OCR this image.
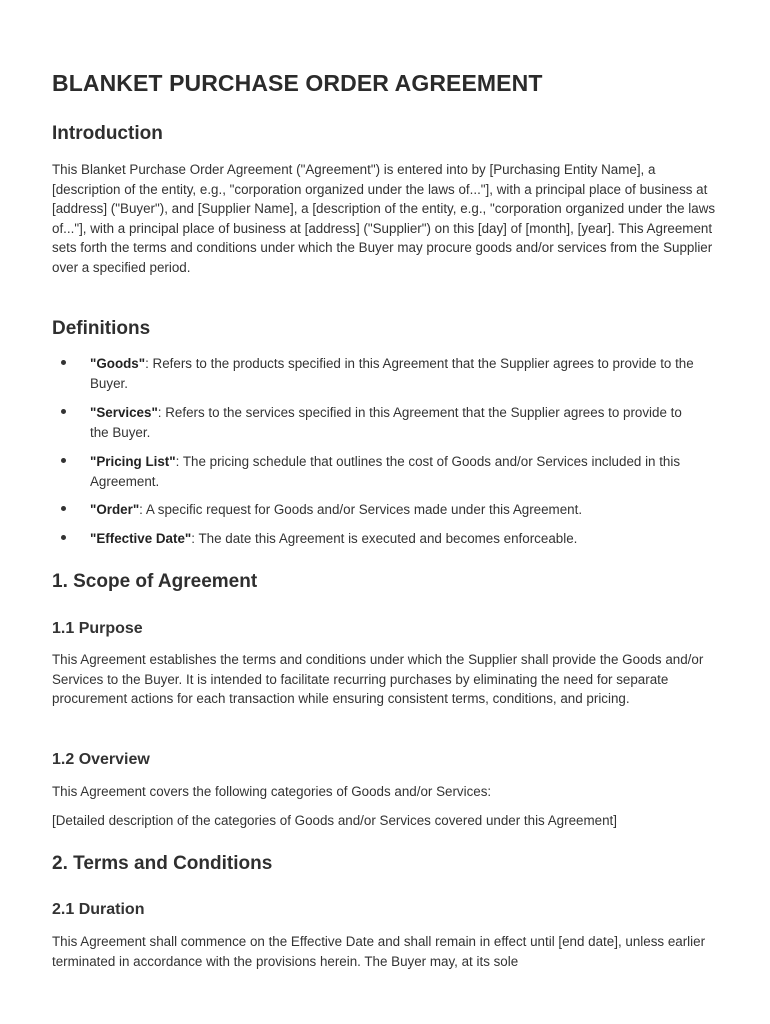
BLANKET PURCHASE ORDER AGREEMENT
Introduction

This Blanket Purchase Order Agreement ("Agreement") is entered into by [Purchasing Entity Name], a [description of the entity, e.g., "corporation organized under the laws of..."], with a principal place of business at [address] ("Buyer"), and [Supplier Name], a [description of the entity, e.g., "corporation organized under the laws of..."], with a principal place of business at [address] ("Supplier") on this [day] of [month], [year]. This Agreement sets forth the terms and conditions under which the Buyer may procure goods and/or services from the Supplier over a specified period.

Definitions

"Goods": Refers to the products specified in this Agreement that the Supplier agrees to provide to the Buyer.

"Services": Refers to the services specified in this Agreement that the Supplier agrees to provide to the Buyer.

"Pricing List": The pricing schedule that outlines the cost of Goods and/or Services included in this Agreement.

"Order": A specific request for Goods and/or Services made under this Agreement.

"Effective Date": The date this Agreement is executed and becomes enforceable.

1. Scope of Agreement
1.1 Purpose

This Agreement establishes the terms and conditions under which the Supplier shall provide the Goods and/or Services to the Buyer. It is intended to facilitate recurring purchases by eliminating the need for separate procurement actions for each transaction while ensuring consistent terms, conditions, and pricing.

1.2 Overview

This Agreement covers the following categories of Goods and/or Services:

[Detailed description of the categories of Goods and/or Services covered under this Agreement]

2. Terms and Conditions
2.1 Duration

This Agreement shall commence on the Effective Date and shall remain in effect until [end date], unless earlier terminated in accordance with the provisions herein. The Buyer may, at its sole
